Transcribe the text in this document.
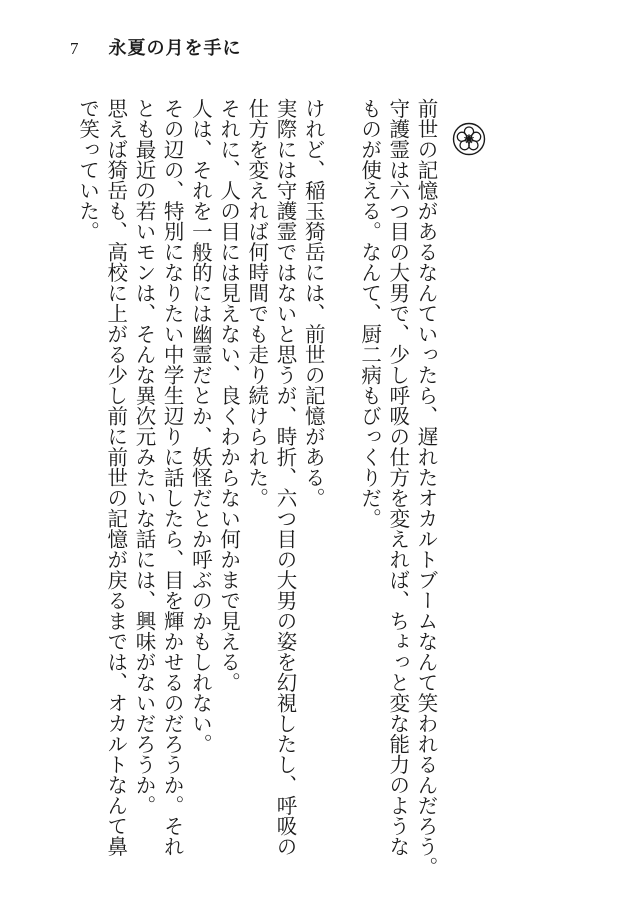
7 永夏の月を手に
前世の記憶があるなんていったら、遅れたオカルトブームなんて笑われるんだろう。
守護霊は六つ目の大男で、少し呼吸の仕方を変えれば、ちょっと変な能力のような
ものが使える。なんて、厨二病もびっくりだ。

けれど、稲玉猗岳には、前世の記憶がある。
実際には守護霊ではないと思うが、時折、六つ目の大男の姿を幻視したし、呼吸の
仕方を変えれば何時間でも走り続けられた。
それに、人の目には見えない、良くわからない何かまで見える。
人は、それを一般的には幽霊だとか、妖怪だとか呼ぶのかもしれない。
その辺の、特別になりたい中学生辺りに話したら、目を輝かせるのだろうか。それ
とも最近の若いモンは、そんな異次元みたいな話には、興味がないだろうか。
思えば猗岳も、高校に上がる少し前に前世の記憶が戻るまでは、オカルトなんて鼻
で笑っていた。
